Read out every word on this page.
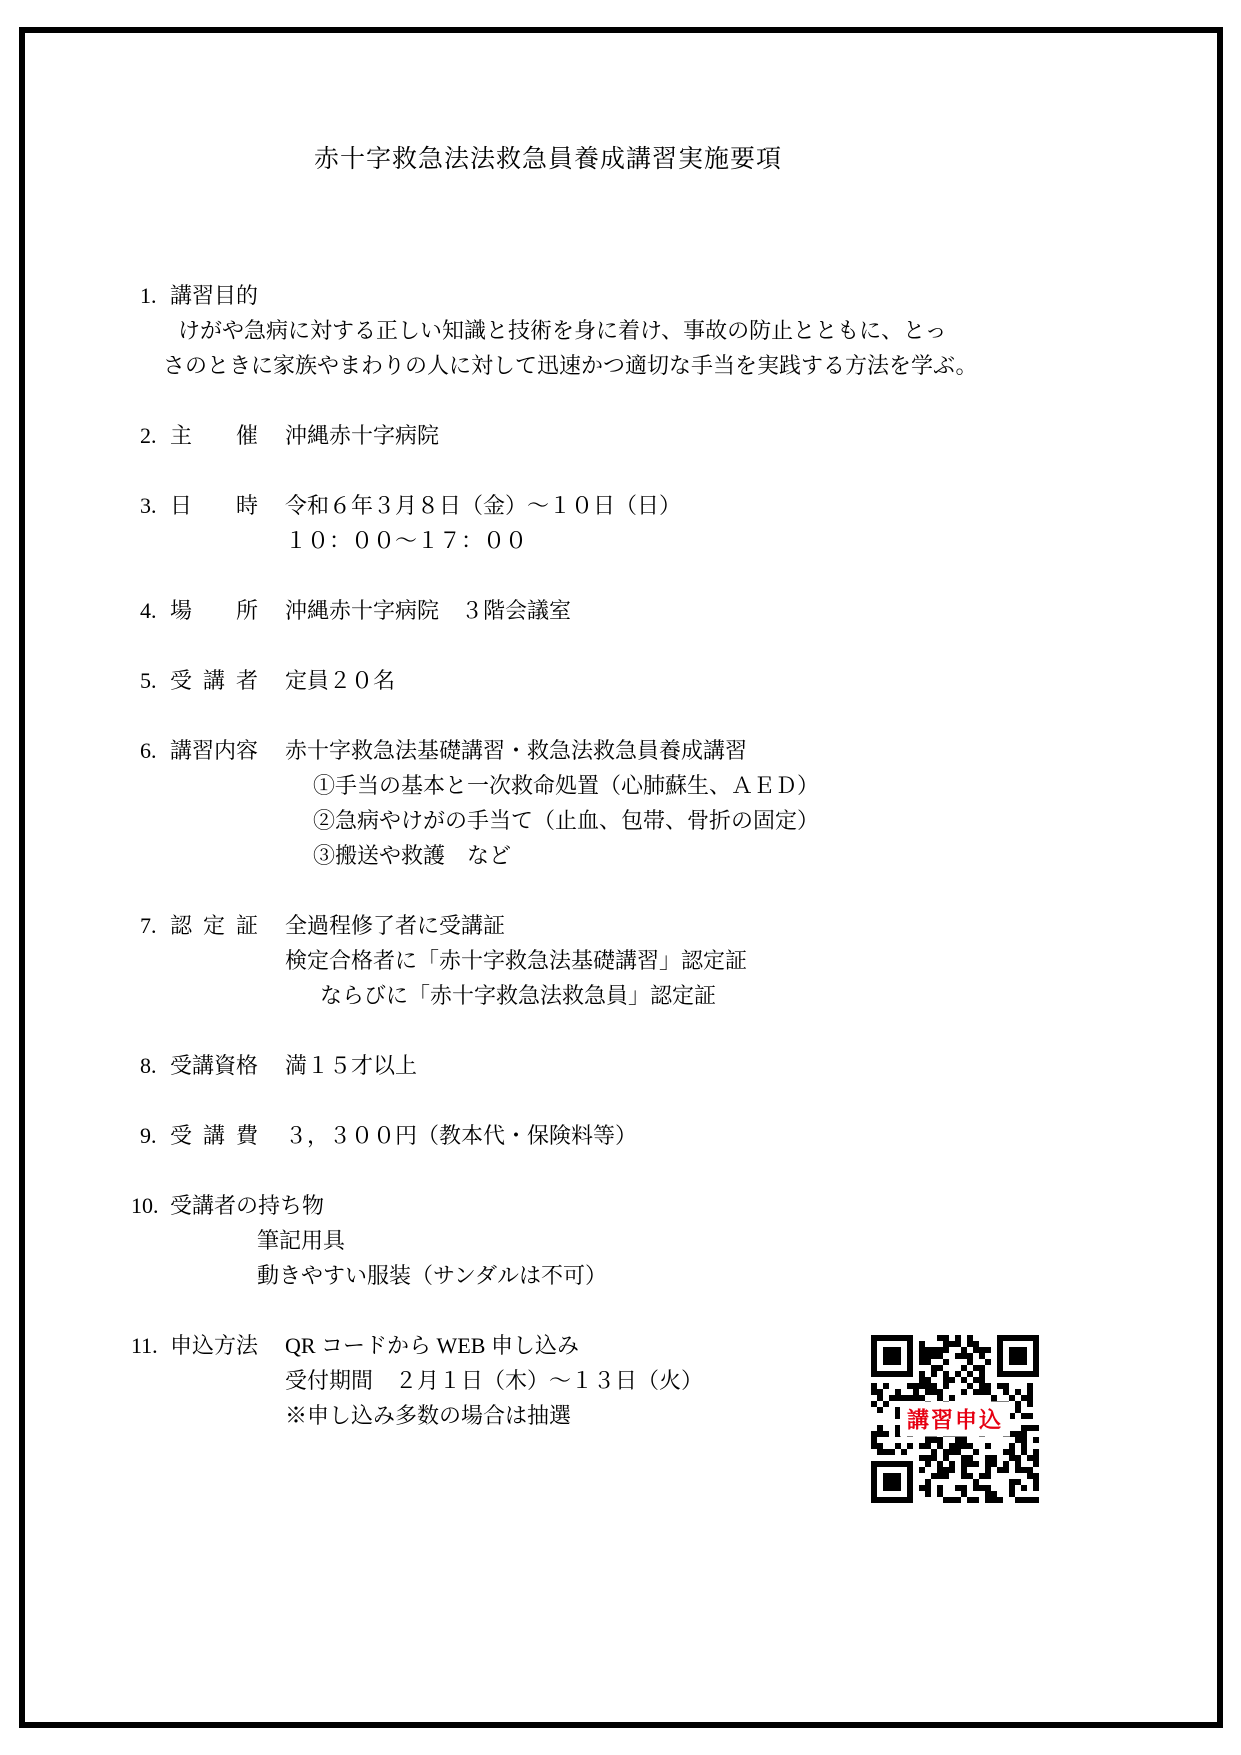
赤十字救急法法救急員養成講習実施要項
1. 講習目的
けがや急病に対する正しい知識と技術を身に着け、事故の防止とともに、とっ
さのときに家族やまわりの人に対して迅速かつ適切な手当を実践する方法を学ぶ。
2. 主　　催 沖縄赤十字病院
3. 日　　時 令和６年３月８日（金）～１０日（日）
１０：００～１７：００
4. 場　　所 沖縄赤十字病院　３階会議室
5. 受 講 者 定員２０名
6. 講習内容 赤十字救急法基礎講習・救急法救急員養成講習
①手当の基本と一次救命処置（心肺蘇生、ＡＥＤ）
②急病やけがの手当て（止血、包帯、骨折の固定）
③搬送や救護　など
7. 認 定 証 全過程修了者に受講証
検定合格者に「赤十字救急法基礎講習」認定証
ならびに「赤十字救急法救急員」認定証
8. 受講資格 満１５才以上
9. 受 講 費 ３，３００円（教本代・保険料等）
10. 受講者の持ち物
筆記用具
動きやすい服装（サンダルは不可）
11. 申込方法 QR コードから WEB 申し込み
受付期間　２月１日（木）～１３日（火）
※申し込み多数の場合は抽選	講習申込
